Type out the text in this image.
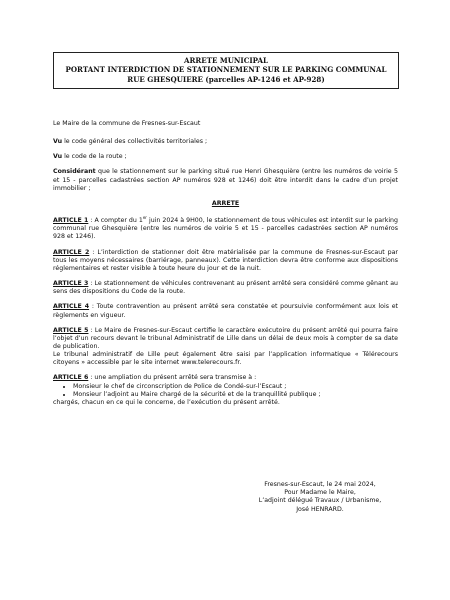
ARRETE MUNICIPAL
PORTANT INTERDICTION DE STATIONNEMENT SUR LE PARKING COMMUNAL
RUE GHESQUIERE (parcelles AP-1246 et AP-928)

Le Maire de la commune de Fresnes-sur-Escaut

Vu le code général des collectivités territoriales ;

Vu le code de la route ;

Considérant que le stationnement sur le parking situé rue Henri Ghesquière (entre les numéros de voirie 5 et 15 - parcelles cadastrées section AP numéros 928 et 1246) doit être interdit dans le cadre d’un projet immobilier ;

ARRETE

ARTICLE 1 : A compter du 1er juin 2024 à 9H00, le stationnement de tous véhicules est interdit sur le parking communal rue Ghesquière (entre les numéros de voirie 5 et 15 - parcelles cadastrées section AP numéros 928 et 1246).

ARTICLE 2 : L’interdiction de stationner doit être matérialisée par la commune de Fresnes-sur-Escaut par tous les moyens nécessaires (barriérage, panneaux). Cette interdiction devra être conforme aux dispositions réglementaires et rester visible à toute heure du jour et de la nuit.

ARTICLE 3 : Le stationnement de véhicules contrevenant au présent arrêté sera considéré comme gênant au sens des dispositions du Code de la route.

ARTICLE 4 : Toute contravention au présent arrêté sera constatée et poursuivie conformément aux lois et règlements en vigueur.

ARTICLE 5 : Le Maire de Fresnes-sur-Escaut certifie le caractère exécutoire du présent arrêté qui pourra faire l’objet d’un recours devant le tribunal Administratif de Lille dans un délai de deux mois à compter de sa date de publication.

Le tribunal administratif de Lille peut également être saisi par l’application informatique « Télérecours citoyens » accessible par le site internet www.telerecours.fr.

ARTICLE 6 : une ampliation du présent arrêté sera transmise à :

• Monsieur le chef de circonscription de Police de Condé-sur-l’Escaut ;
• Monsieur l’adjoint au Maire chargé de la sécurité et de la tranquillité publique ;

chargés, chacun en ce qui le concerne, de l’exécution du présent arrêté.

Fresnes-sur-Escaut, le 24 mai 2024,
Pour Madame le Maire,
L’adjoint délégué Travaux / Urbanisme,
José HENRARD.
